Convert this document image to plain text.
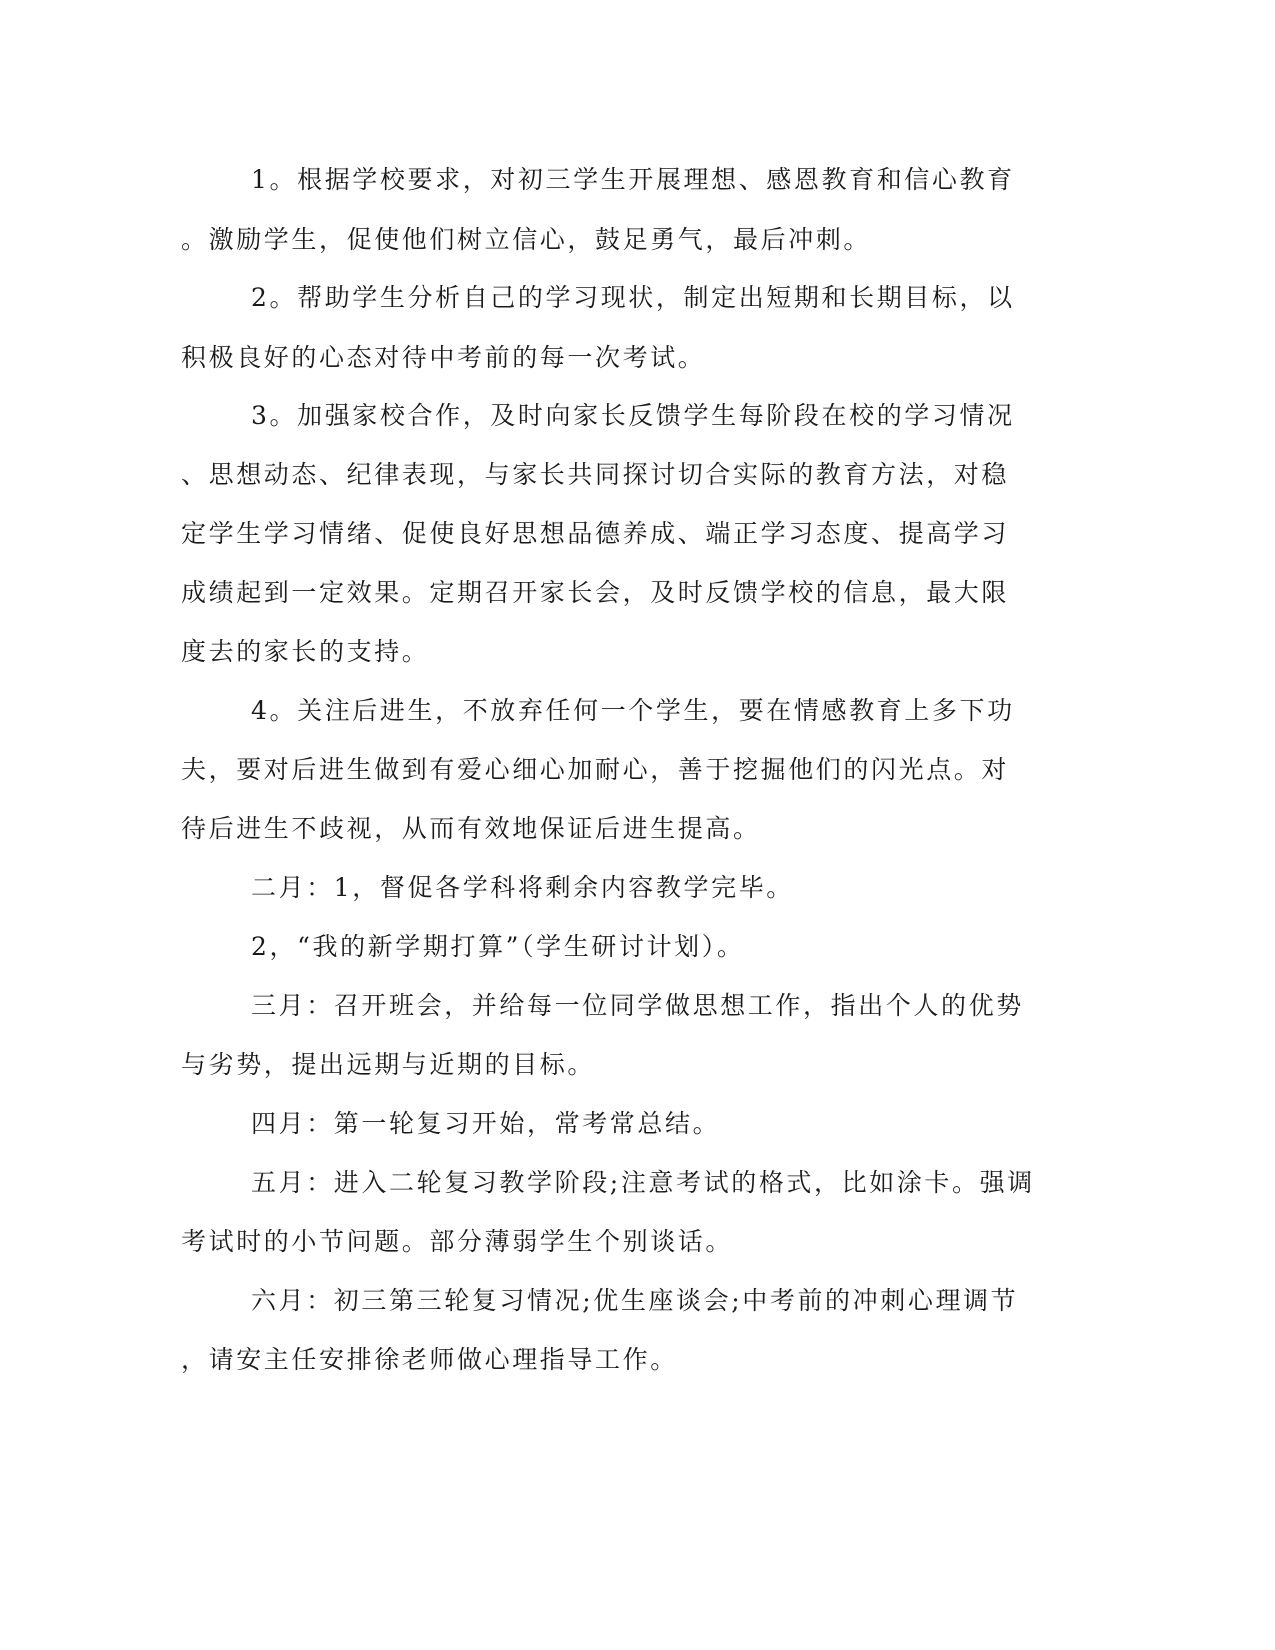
1。根据学校要求，对初三学生开展理想、感恩教育和信心教育

。激励学生，促使他们树立信心，鼓足勇气，最后冲刺。

2。帮助学生分析自己的学习现状，制定出短期和长期目标，以

积极良好的心态对待中考前的每一次考试。

3。加强家校合作，及时向家长反馈学生每阶段在校的学习情况

、思想动态、纪律表现，与家长共同探讨切合实际的教育方法，对稳

定学生学习情绪、促使良好思想品德养成、端正学习态度、提高学习

成绩起到一定效果。定期召开家长会，及时反馈学校的信息，最大限

度去的家长的支持。

4。关注后进生，不放弃任何一个学生，要在情感教育上多下功

夫，要对后进生做到有爱心细心加耐心，善于挖掘他们的闪光点。对

待后进生不歧视，从而有效地保证后进生提高。

二月：1，督促各学科将剩余内容教学完毕。

2，“我的新学期打算”（学生研讨计划）。

三月：召开班会，并给每一位同学做思想工作，指出个人的优势

与劣势，提出远期与近期的目标。

四月：第一轮复习开始，常考常总结。

五月：进入二轮复习教学阶段;注意考试的格式，比如涂卡。强调

考试时的小节问题。部分薄弱学生个别谈话。

六月：初三第三轮复习情况;优生座谈会;中考前的冲刺心理调节

，请安主任安排徐老师做心理指导工作。
